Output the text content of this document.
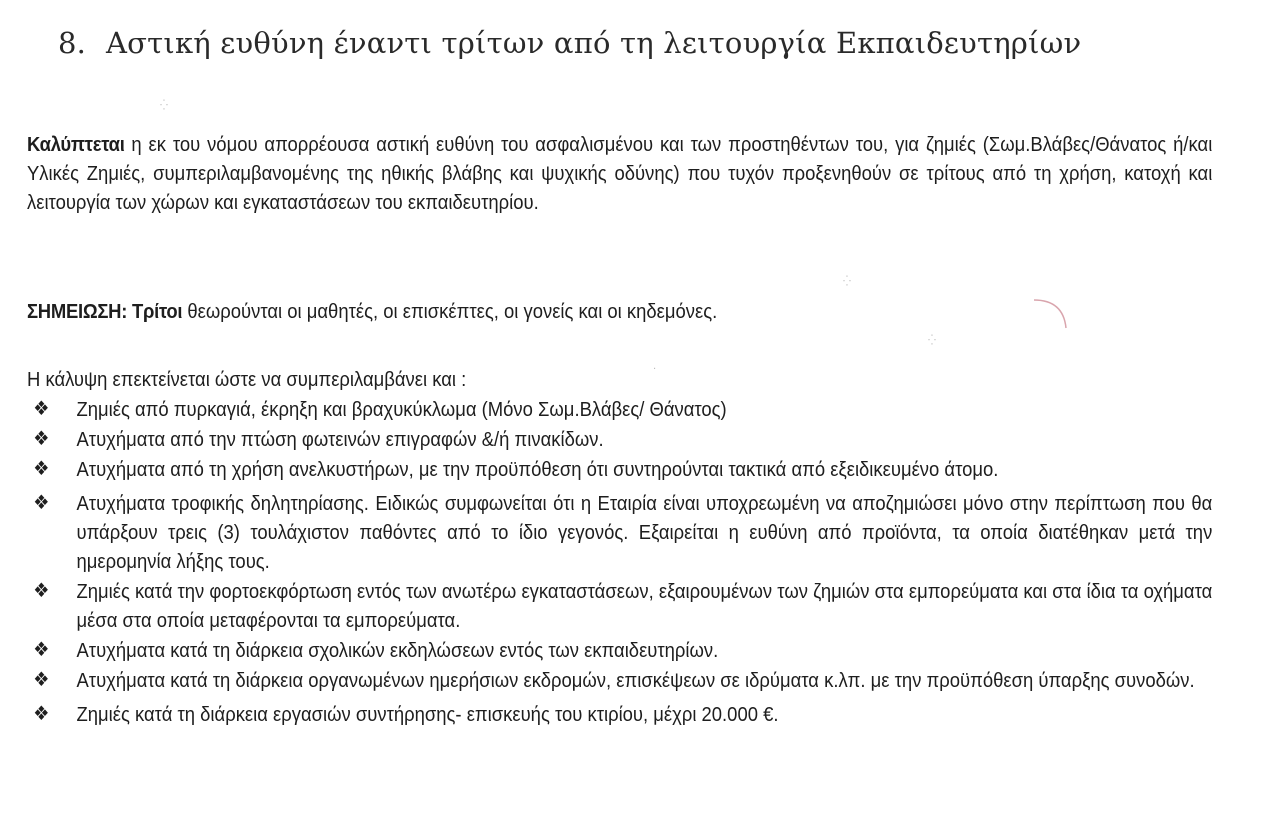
8. Αστική ευθύνη έναντι τρίτων από τη λειτουργία Εκπαιδευτηρίων

Καλύπτεται η εκ του νόμου απορρέουσα αστική ευθύνη του ασφαλισμένου και των προστηθέντων του, για ζημιές (Σωμ.Βλάβες/Θάνατος ή/και Υλικές Ζημιές, συμπεριλαμβανομένης της ηθικής βλάβης και ψυχικής οδύνης) που τυχόν προξενηθούν σε τρίτους από τη χρήση, κατοχή και λειτουργία των χώρων και εγκαταστάσεων του εκπαιδευτηρίου.

ΣΗΜΕΙΩΣΗ: Τρίτοι θεωρούνται οι μαθητές, οι επισκέπτες, οι γονείς και οι κηδεμόνες.

Η κάλυψη επεκτείνεται ώστε να συμπεριλαμβάνει και :

❖ Ζημιές από πυρκαγιά, έκρηξη και βραχυκύκλωμα (Μόνο Σωμ.Βλάβες/ Θάνατος)
❖ Ατυχήματα από την πτώση φωτεινών επιγραφών &/ή πινακίδων.
❖ Ατυχήματα από τη χρήση ανελκυστήρων, με την προϋπόθεση ότι συντηρούνται τακτικά από εξειδικευμένο άτομο.
❖ Ατυχήματα τροφικής δηλητηρίασης. Ειδικώς συμφωνείται ότι η Εταιρία είναι υποχρεωμένη να αποζημιώσει μόνο στην περίπτωση που θα υπάρξουν τρεις (3) τουλάχιστον παθόντες από το ίδιο γεγονός. Εξαιρείται η ευθύνη από προϊόντα, τα οποία διατέθηκαν μετά την ημερομηνία λήξης τους.
❖ Ζημιές κατά την φορτοεκφόρτωση εντός των ανωτέρω εγκαταστάσεων, εξαιρουμένων των ζημιών στα εμπορεύματα και στα ίδια τα οχήματα μέσα στα οποία μεταφέρονται τα εμπορεύματα.
❖ Ατυχήματα κατά τη διάρκεια σχολικών εκδηλώσεων εντός των εκπαιδευτηρίων.
❖ Ατυχήματα κατά τη διάρκεια οργανωμένων ημερήσιων εκδρομών, επισκέψεων σε ιδρύματα κ.λπ. με την προϋπόθεση ύπαρξης συνοδών.
❖ Ζημιές κατά τη διάρκεια εργασιών συντήρησης- επισκευής του κτιρίου, μέχρι 20.000 €.
⁛
⁛
⁛
·
